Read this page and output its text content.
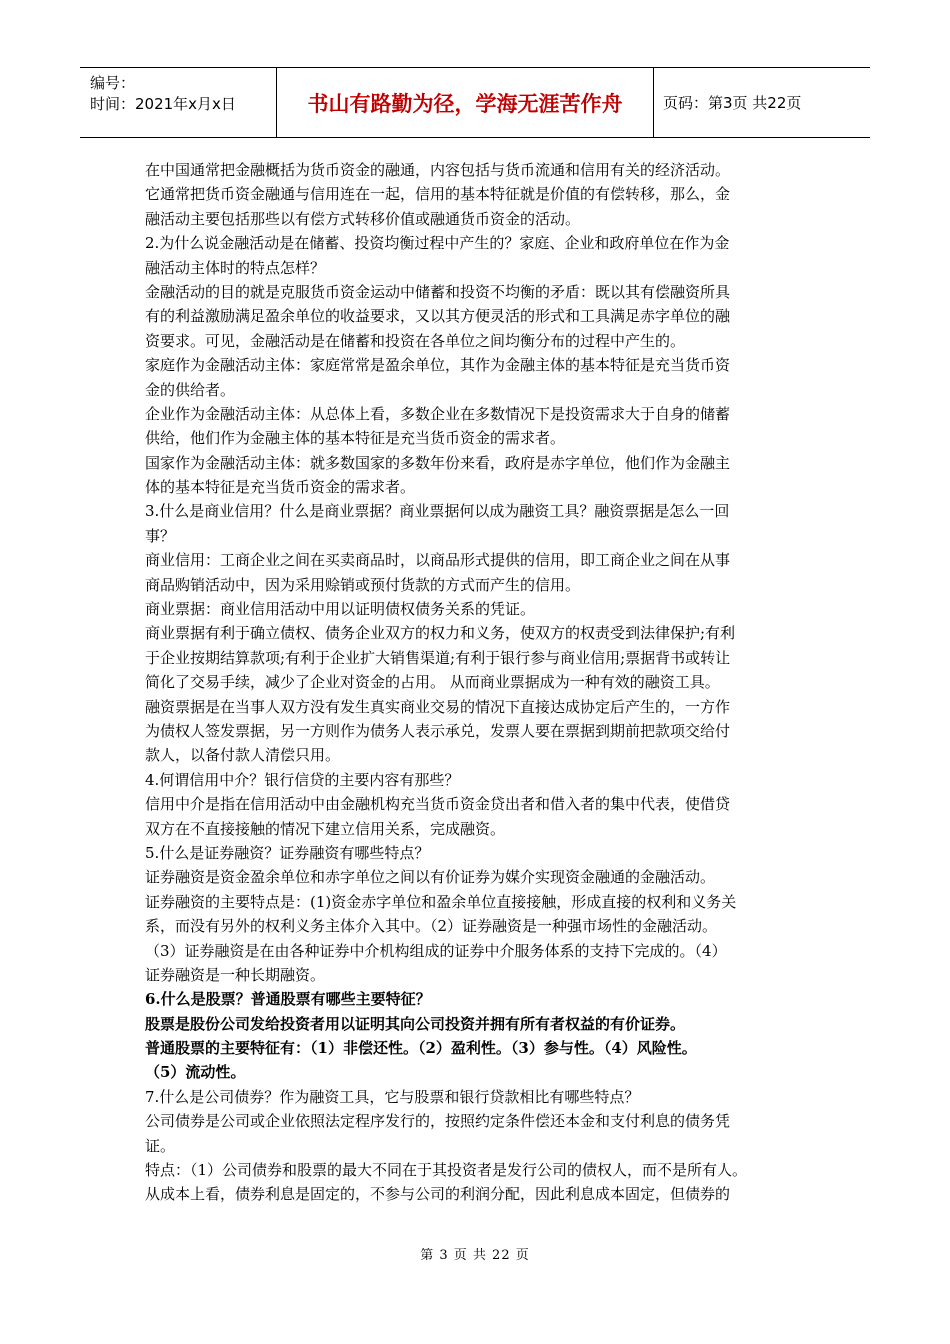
编号：
时间：2021年x月x日	书山有路勤为径，学海无涯苦作舟	页码：第3页 共22页
在中国通常把金融概括为货币资金的融通，内容包括与货币流通和信用有关的经济活动。
它通常把货币资金融通与信用连在一起，信用的基本特征就是价值的有偿转移，那么，金
融活动主要包括那些以有偿方式转移价值或融通货币资金的活动。
2.为什么说金融活动是在储蓄、投资均衡过程中产生的？家庭、企业和政府单位在作为金
融活动主体时的特点怎样？
金融活动的目的就是克服货币资金运动中储蓄和投资不均衡的矛盾：既以其有偿融资所具
有的利益激励满足盈余单位的收益要求，又以其方便灵活的形式和工具满足赤字单位的融
资要求。可见，金融活动是在储蓄和投资在各单位之间均衡分布的过程中产生的。
家庭作为金融活动主体：家庭常常是盈余单位，其作为金融主体的基本特征是充当货币资
金的供给者。
企业作为金融活动主体：从总体上看，多数企业在多数情况下是投资需求大于自身的储蓄
供给，他们作为金融主体的基本特征是充当货币资金的需求者。
国家作为金融活动主体：就多数国家的多数年份来看，政府是赤字单位，他们作为金融主
体的基本特征是充当货币资金的需求者。
3.什么是商业信用？什么是商业票据？商业票据何以成为融资工具？融资票据是怎么一回
事？
商业信用：工商企业之间在买卖商品时，以商品形式提供的信用，即工商企业之间在从事
商品购销活动中，因为采用赊销或预付货款的方式而产生的信用。
商业票据：商业信用活动中用以证明债权债务关系的凭证。
商业票据有利于确立债权、债务企业双方的权力和义务，使双方的权责受到法律保护;有利
于企业按期结算款项;有利于企业扩大销售渠道;有利于银行参与商业信用;票据背书或转让
简化了交易手续，减少了企业对资金的占用。 从而商业票据成为一种有效的融资工具。
融资票据是在当事人双方没有发生真实商业交易的情况下直接达成协定后产生的，一方作
为债权人签发票据，另一方则作为债务人表示承兑，发票人要在票据到期前把款项交给付
款人，以备付款人清偿只用。
4.何谓信用中介？银行信贷的主要内容有那些？
信用中介是指在信用活动中由金融机构充当货币资金贷出者和借入者的集中代表，使借贷
双方在不直接接触的情况下建立信用关系，完成融资。
5.什么是证券融资？证券融资有哪些特点？
证券融资是资金盈余单位和赤字单位之间以有价证券为媒介实现资金融通的金融活动。
证券融资的主要特点是：(1)资金赤字单位和盈余单位直接接触，形成直接的权利和义务关
系，而没有另外的权利义务主体介入其中。（2）证券融资是一种强市场性的金融活动。
（3）证券融资是在由各种证券中介机构组成的证券中介服务体系的支持下完成的。（4）
证券融资是一种长期融资。
6.什么是股票？普通股票有哪些主要特征？
股票是股份公司发给投资者用以证明其向公司投资并拥有所有者权益的有价证券。
普通股票的主要特征有：（1）非偿还性。（2）盈利性。（3）参与性。（4）风险性。
（5）流动性。
7.什么是公司债券？作为融资工具，它与股票和银行贷款相比有哪些特点？
公司债券是公司或企业依照法定程序发行的，按照约定条件偿还本金和支付利息的债务凭
证。
特点：（1）公司债券和股票的最大不同在于其投资者是发行公司的债权人，而不是所有人。
从成本上看，债券利息是固定的，不参与公司的利润分配，因此利息成本固定，但债券的
第 3 页 共 22 页
